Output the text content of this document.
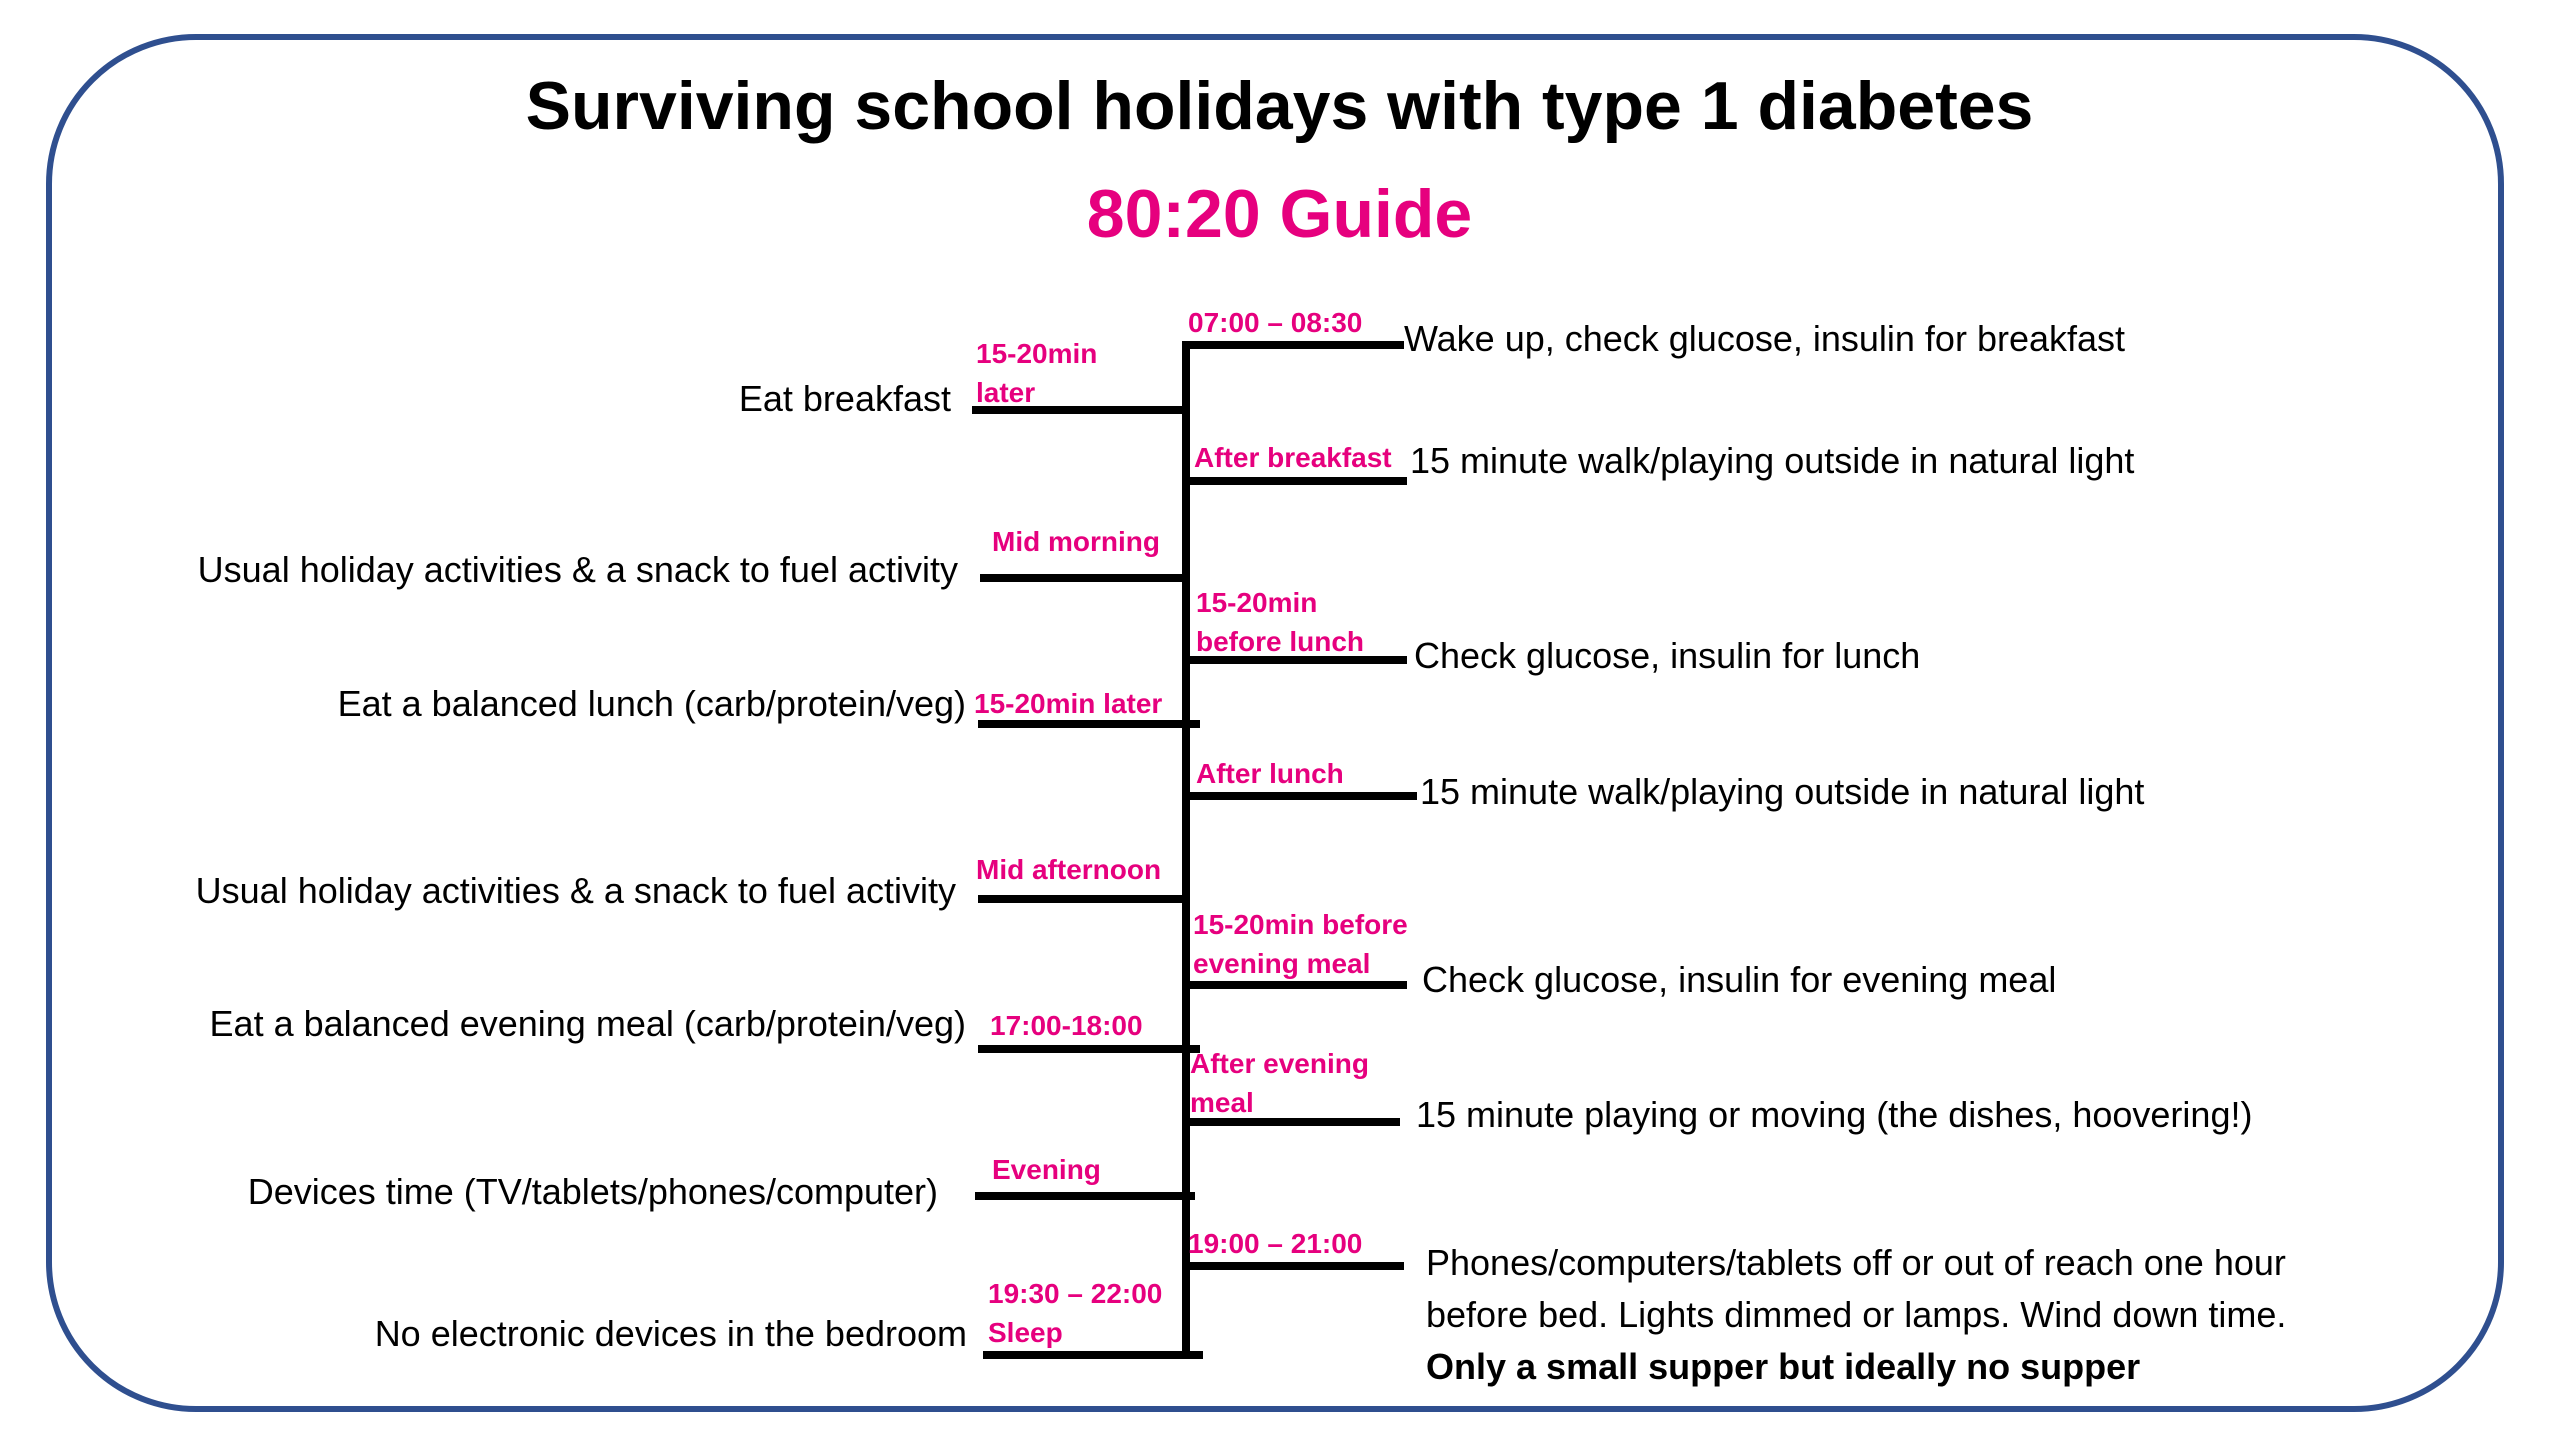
Surviving school holidays with type 1 diabetes
80:20 Guide
07:00 – 08:30
After breakfast
15-20min
before lunch
After lunch
15-20min before
evening meal
After evening
meal
19:00 – 21:00
Wake up, check glucose, insulin for breakfast
15 minute walk/playing outside in natural light
Check glucose, insulin for lunch
15 minute walk/playing outside in natural light
Check glucose, insulin for evening meal
15 minute playing or moving (the dishes, hoovering!)
Phones/computers/tablets off or out of reach one hour
before bed. Lights dimmed or lamps. Wind down time.
Only a small supper but ideally no supper
15-20min
later
Mid morning
15-20min later
Mid afternoon
17:00-18:00
Evening
19:30 – 22:00
Sleep
Eat breakfast
Usual holiday activities & a snack to fuel activity
Eat a balanced lunch (carb/protein/veg)
Usual holiday activities & a snack to fuel activity
Eat a balanced evening meal (carb/protein/veg)
Devices time (TV/tablets/phones/computer)
No electronic devices in the bedroom
